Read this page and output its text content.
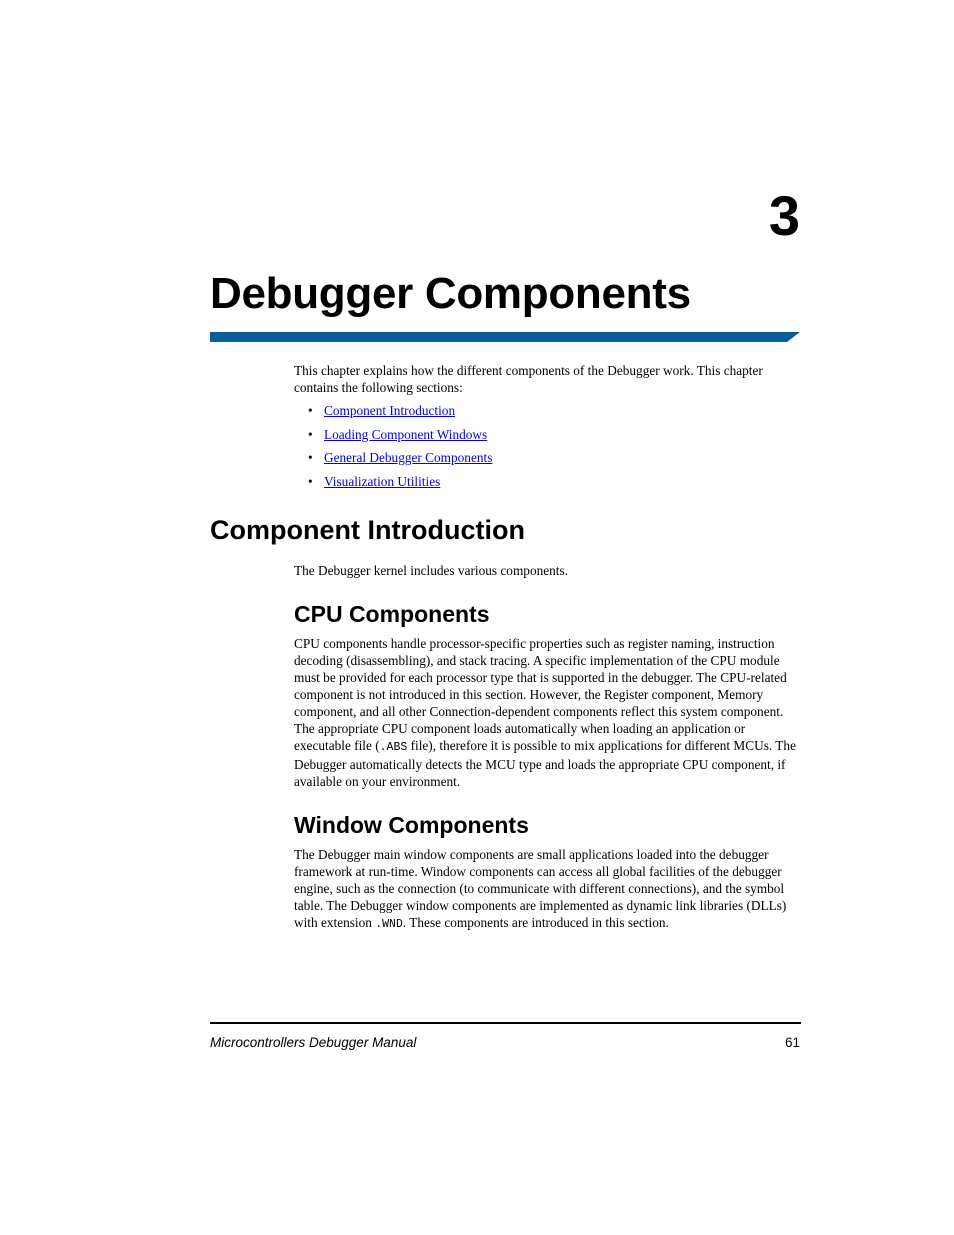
3
Debugger Components

This chapter explains how the different components of the Debugger work. This chapter contains the following sections:

• Component Introduction
• Loading Component Windows
• General Debugger Components
• Visualization Utilities
Component Introduction

The Debugger kernel includes various components.

CPU Components

CPU components handle processor-specific properties such as register naming, instruction decoding (disassembling), and stack tracing. A specific implementation of the CPU module must be provided for each processor type that is supported in the debugger. The CPU-related component is not introduced in this section. However, the Register component, Memory component, and all other Connection-dependent components reflect this system component. The appropriate CPU component loads automatically when loading an application or executable file (.ABS file), therefore it is possible to mix applications for different MCUs. The Debugger automatically detects the MCU type and loads the appropriate CPU component, if available on your environment.

Window Components

The Debugger main window components are small applications loaded into the debugger framework at run-time. Window components can access all global facilities of the debugger engine, such as the connection (to communicate with different connections), and the symbol table. The Debugger window components are implemented as dynamic link libraries (DLLs) with extension .WND. These components are introduced in this section.

Microcontrollers Debugger Manual	61
